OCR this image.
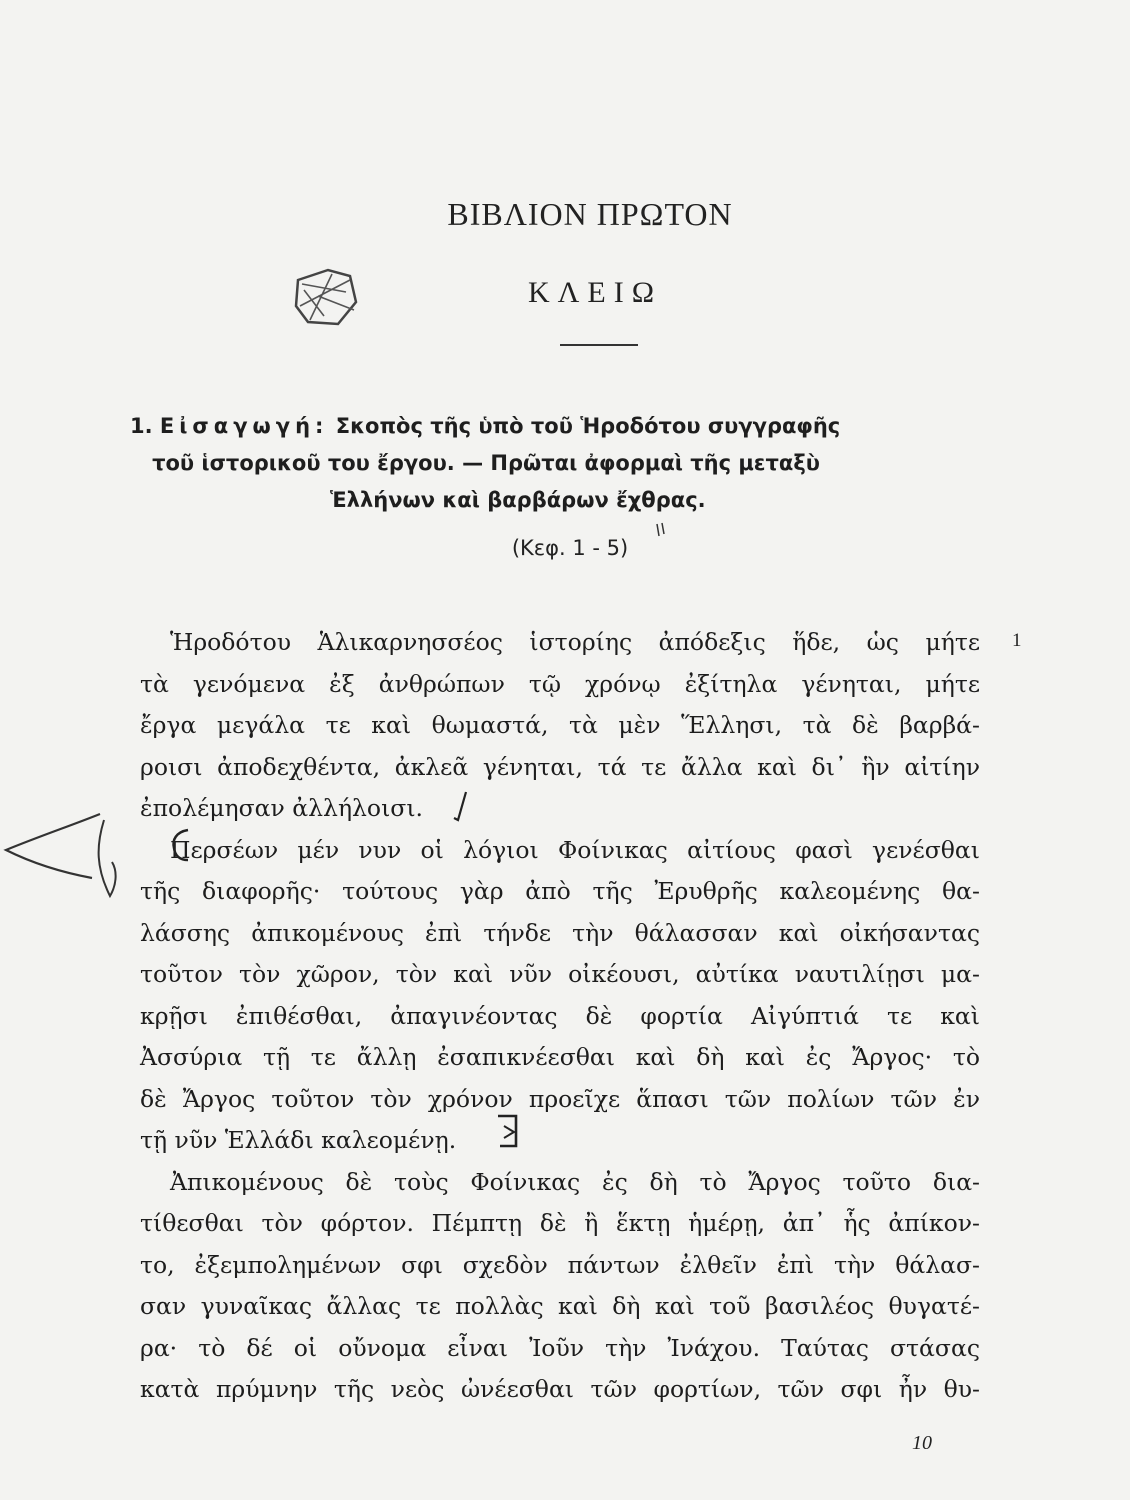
ΒΙΒΛΙΟΝ ΠΡΩΤΟΝ
ΚΛΕΙΩ
1. Εἰσαγωγή: Σκοπὸς τῆς ὑπὸ τοῦ Ἡροδότου συγγραφῆς
τοῦ ἱστορικοῦ του ἔργου. — Πρῶται ἀφορμαὶ τῆς μεταξὺ
Ἑλλήνων καὶ βαρβάρων ἔχθρας.
(Κεφ. 1 - 5)
1
Ἡροδότου Ἁλικαρνησσέος ἱστορίης ἀπόδεξις ἥδε, ὡς μήτε
τὰ γενόμενα ἐξ ἀνθρώπων τῷ χρόνῳ ἐξίτηλα γένηται, μήτε
ἔργα μεγάλα τε καὶ θωμαστά, τὰ μὲν Ἕλλησι, τὰ δὲ βαρβά-
ροισι ἀποδεχθέντα, ἀκλεᾶ γένηται, τά τε ἄλλα καὶ δι᾽ ἣν αἰτίην
ἐπολέμησαν ἀλλήλοισι.
Περσέων μέν νυν οἱ λόγιοι Φοίνικας αἰτίους φασὶ γενέσθαι
τῆς διαφορῆς· τούτους γὰρ ἀπὸ τῆς Ἐρυθρῆς καλεομένης θα-
λάσσης ἀπικομένους ἐπὶ τήνδε τὴν θάλασσαν καὶ οἰκήσαντας
τοῦτον τὸν χῶρον, τὸν καὶ νῦν οἰκέουσι, αὐτίκα ναυτιλίῃσι μα-
κρῇσι ἐπιθέσθαι, ἀπαγινέοντας δὲ φορτία Αἰγύπτιά τε καὶ
Ἀσσύρια τῇ τε ἄλλῃ ἐσαπικνέεσθαι καὶ δὴ καὶ ἐς Ἄργος· τὸ
δὲ Ἄργος τοῦτον τὸν χρόνον προεῖχε ἅπασι τῶν πολίων τῶν ἐν
τῇ νῦν Ἑλλάδι καλεομένῃ.
Ἀπικομένους δὲ τοὺς Φοίνικας ἐς δὴ τὸ Ἄργος τοῦτο δια-
τίθεσθαι τὸν φόρτον. Πέμπτῃ δὲ ἢ ἕκτῃ ἡμέρῃ, ἀπ᾽ ἧς ἀπίκον-
το, ἐξεμπολημένων σφι σχεδὸν πάντων ἐλθεῖν ἐπὶ τὴν θάλασ-
σαν γυναῖκας ἄλλας τε πολλὰς καὶ δὴ καὶ τοῦ βασιλέος θυγατέ-
ρα· τὸ δέ οἱ οὔνομα εἶναι Ἰοῦν τὴν Ἰνάχου. Ταύτας στάσας
κατὰ πρύμνην τῆς νεὸς ὠνέεσθαι τῶν φορτίων, τῶν σφι ἦν θυ-
10
